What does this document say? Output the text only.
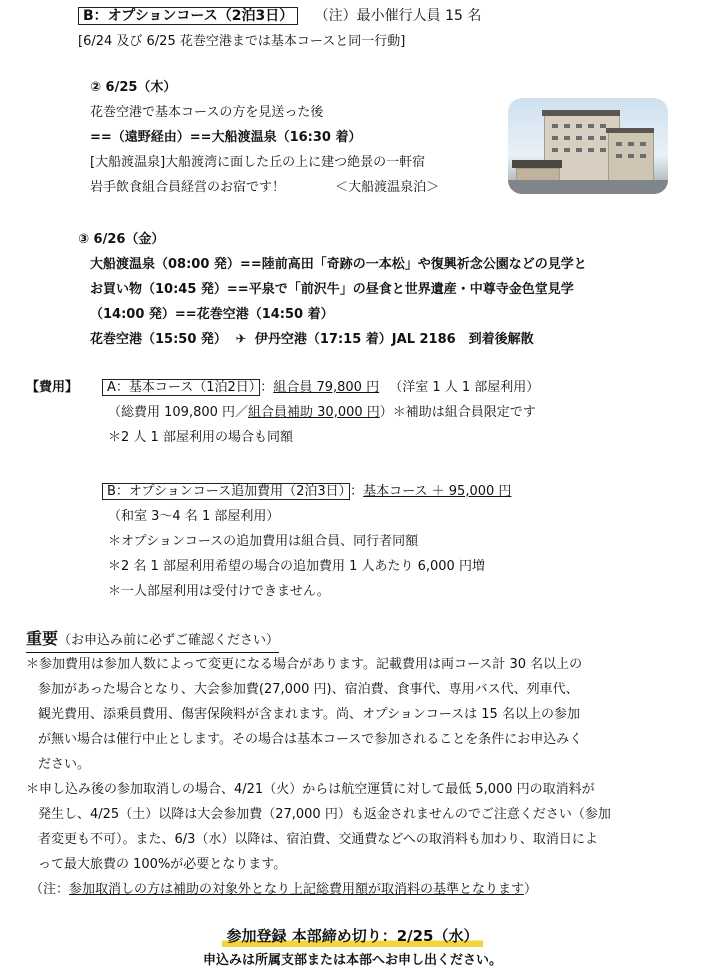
B：オプションコース（2泊3日） （注）最小催行人員 15 名
[6/24 及び 6/25 花巻空港までは基本コースと同一行動]
② 6/25（木）
花巻空港で基本コースの方を見送った後
==（遠野経由）==大船渡温泉（16:30 着）
[大船渡温泉]大船渡湾に面した丘の上に建つ絶景の一軒宿
岩手飲食組合員経営のお宿です！	＜大船渡温泉泊＞
③ 6/26（金）
大船渡温泉（08:00 発）==陸前高田「奇跡の一本松」や復興祈念公園などの見学と
お買い物（10:45 発）==平泉で「前沢牛」の昼食と世界遺産・中尊寺金色堂見学
（14:00 発）==花巻空港（14:50 着）
花巻空港（15:50 発） ✈ 伊丹空港（17:15 着）JAL 2186　到着後解散
【費用】	A：基本コース（1泊2日） ：組合員 79,800 円 （洋室 1 人 1 部屋利用）
（総費用 109,800 円／組合員補助 30,000 円）＊補助は組合員限定です
＊2 人 1 部屋利用の場合も同額
B：オプションコース追加費用（2泊3日） ：基本コース ＋ 95,000 円
（和室 3〜4 名 1 部屋利用）
＊オプションコースの追加費用は組合員、同行者同額
＊2 名 1 部屋利用希望の場合の追加費用 1 人あたり 6,000 円増
＊一人部屋利用は受付けできません。
重要（お申込み前に必ずご確認ください）
＊参加費用は参加人数によって変更になる場合があります。記載費用は両コース計 30 名以上の
参加があった場合となり、大会参加費(27,000 円)、宿泊費、食事代、専用バス代、列車代、
観光費用、添乗員費用、傷害保険料が含まれます。尚、オプションコースは 15 名以上の参加
が無い場合は催行中止とします。その場合は基本コースで参加されることを条件にお申込みく
ださい。
＊申し込み後の参加取消しの場合、4/21（火）からは航空運賃に対して最低 5,000 円の取消料が
発生し、4/25（土）以降は大会参加費（27,000 円）も返金されませんのでご注意ください（参加
者変更も不可）。また、6/3（水）以降は、宿泊費、交通費などへの取消料も加わり、取消日によ
って最大旅費の 100%が必要となります。
（注：参加取消しの方は補助の対象外となり上記総費用額が取消料の基準となります）
参加登録 本部締め切り：2/25（水）
申込みは所属支部または本部へお申し出ください。
